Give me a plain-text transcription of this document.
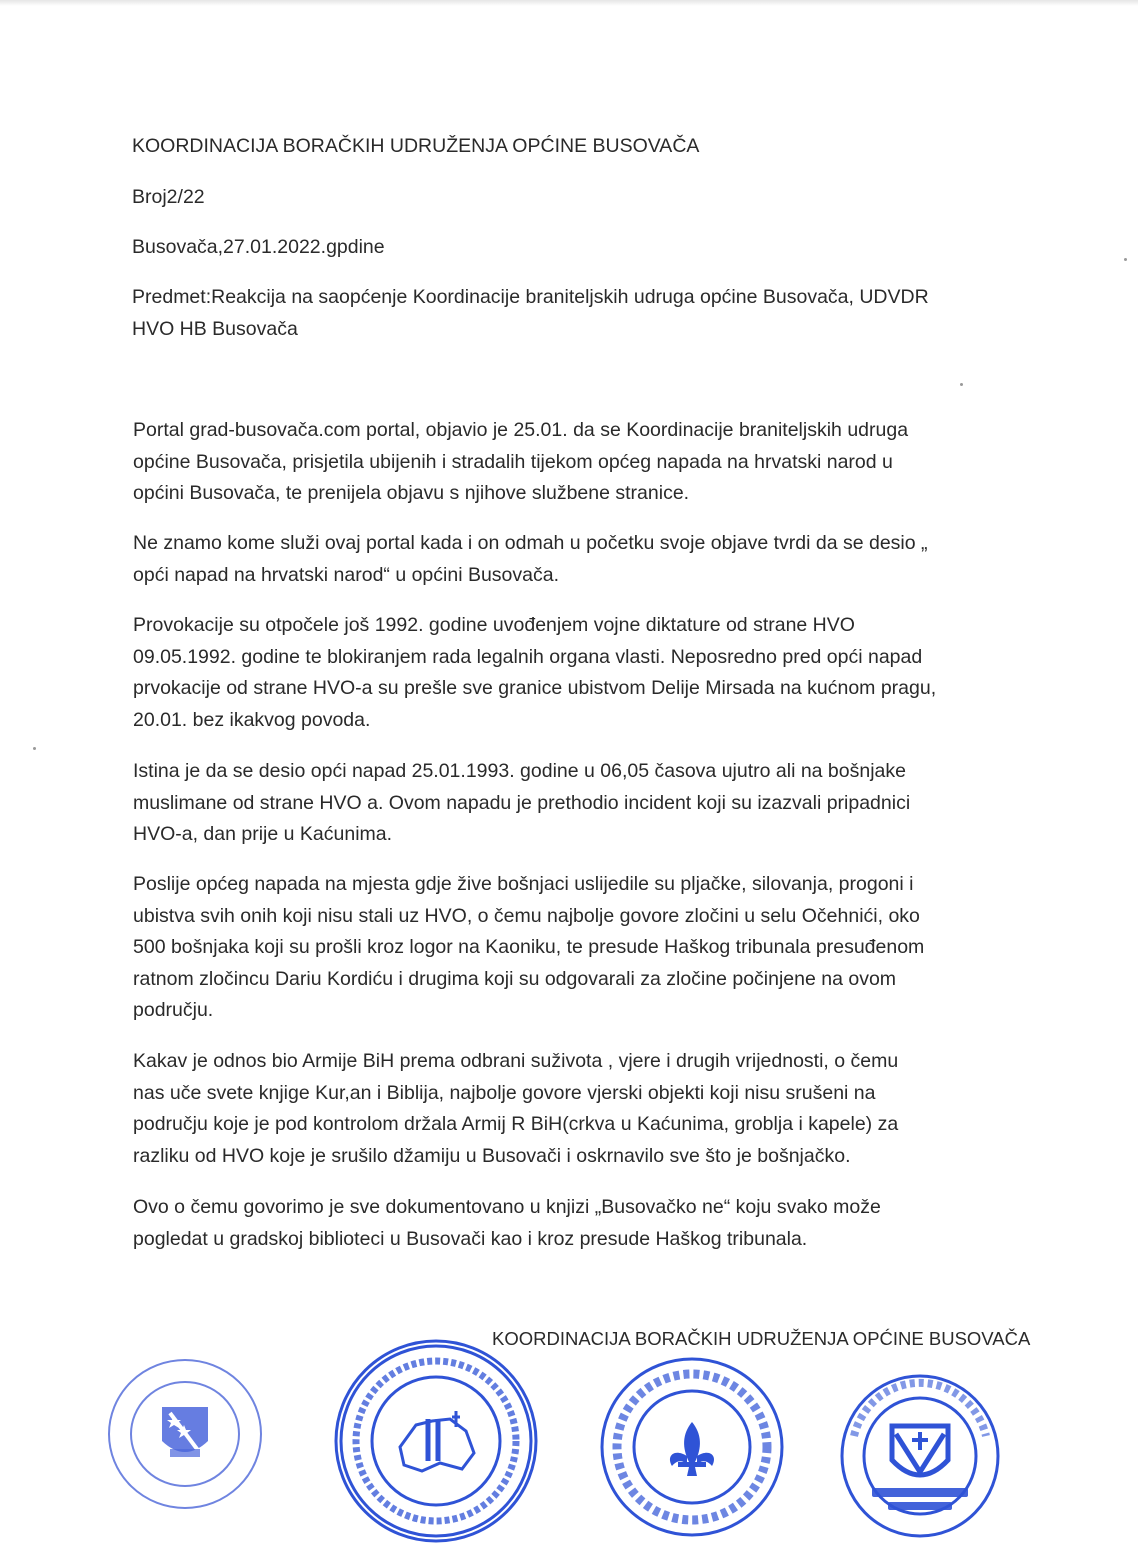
KOORDINACIJA BORAČKIH UDRUŽENJA OPĆINE BUSOVAČA
Broj2/22
Busovača,27.01.2022.gpdine
Predmet:Reakcija na saopćenje Koordinacije braniteljskih udruga općine Busovača, UDVDR
HVO HB Busovača
Portal grad-busovača.com portal, objavio je 25.01. da se Koordinacije braniteljskih udruga
općine Busovača, prisjetila ubijenih i stradalih tijekom općeg napada na hrvatski narod u
općini Busovača, te prenijela objavu s njihove službene stranice.
Ne znamo kome služi ovaj portal kada i on odmah u početku svoje objave tvrdi da se desio „
opći napad na hrvatski narod“ u općini Busovača.
Provokacije su otpočele još 1992. godine uvođenjem vojne diktature od strane HVO
09.05.1992. godine te blokiranjem rada legalnih organa vlasti. Neposredno pred opći napad
prvokacije od strane HVO-a su prešle sve granice ubistvom Delije Mirsada na kućnom pragu,
20.01. bez ikakvog povoda.
Istina je da se desio opći napad 25.01.1993. godine u 06,05 časova ujutro ali na bošnjake
muslimane od strane HVO a. Ovom napadu je prethodio incident koji su izazvali pripadnici
HVO-a, dan prije u Kaćunima.
Poslije općeg napada na mjesta gdje žive bošnjaci uslijedile su pljačke, silovanja, progoni i
ubistva svih onih koji nisu stali uz HVO, o čemu najbolje govore zločini u selu Očehnići, oko
500 bošnjaka koji su prošli kroz logor na Kaoniku, te presude Haškog tribunala presuđenom
ratnom zločincu Dariu Kordiću i drugima koji su odgovarali za zločine počinjene na ovom
području.
Kakav je odnos bio Armije BiH prema odbrani suživota , vjere i drugih vrijednosti, o čemu
nas uče svete knjige Kur,an i Biblija, najbolje govore vjerski objekti koji nisu srušeni na
području koje je pod kontrolom držala Armij R BiH(crkva u Kaćunima, groblja i kapele) za
razliku od HVO koje je srušilo džamiju u Busovači i oskrnavilo sve što je bošnjačko.
Ovo o čemu govorimo je sve dokumentovano u knjizi „Busovačko ne“ koju svako može
pogledat u gradskoj biblioteci u Busovači kao i kroz presude Haškog tribunala.
KOORDINACIJA BORAČKIH UDRUŽENJA OPĆINE BUSOVAČA
